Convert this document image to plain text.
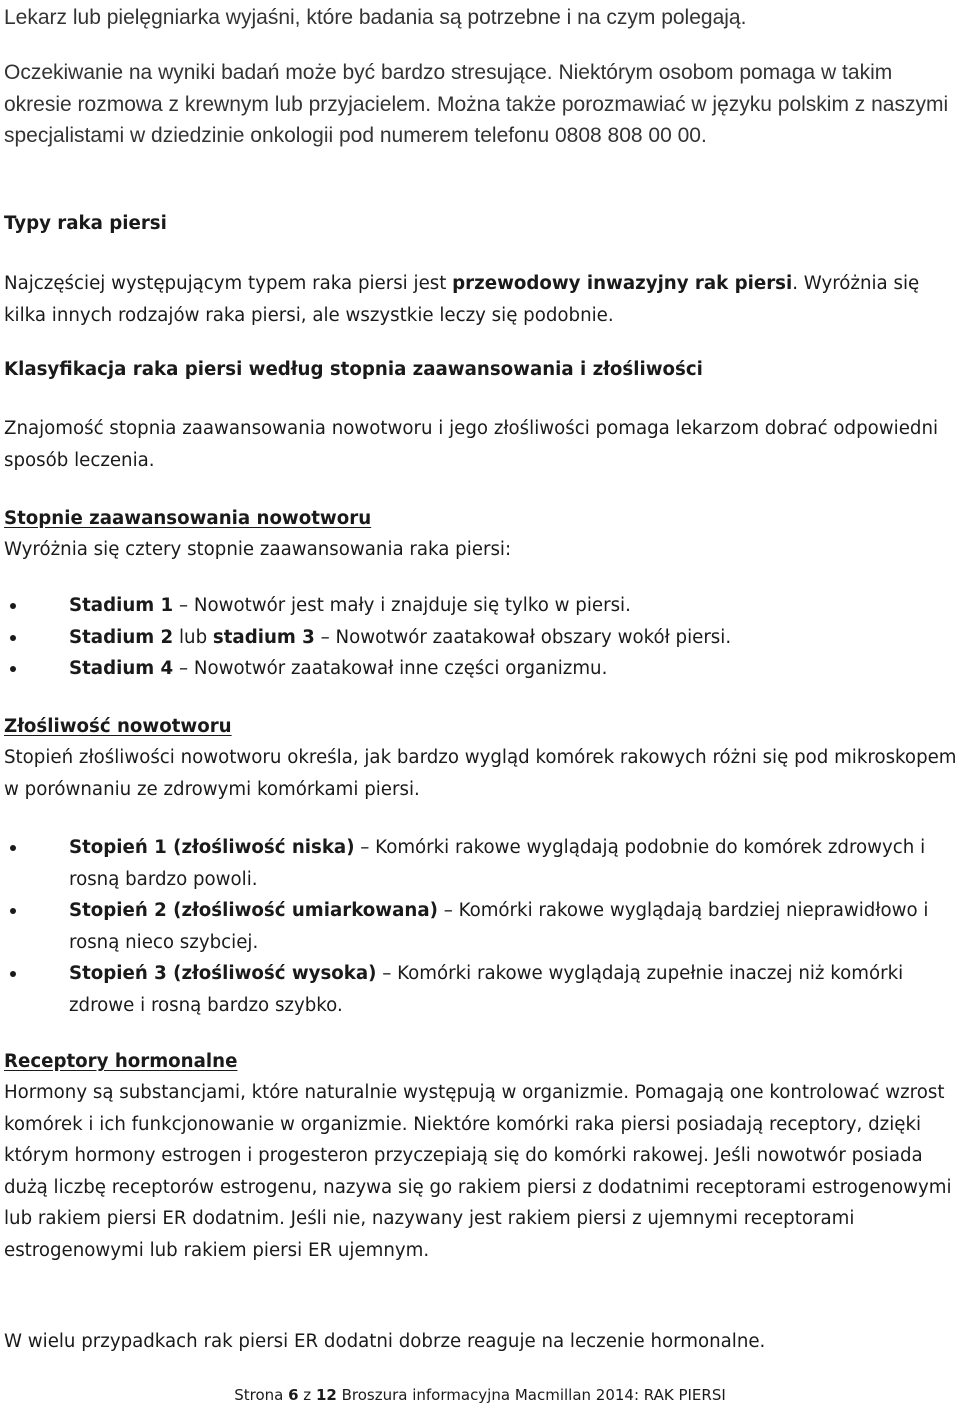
Lekarz lub pielęgniarka wyjaśni, które badania są potrzebne i na czym polegają.

Oczekiwanie na wyniki badań może być bardzo stresujące. Niektórym osobom pomaga w takim okresie rozmowa z krewnym lub przyjacielem. Można także porozmawiać w języku polskim z naszymi specjalistami w dziedzinie onkologii pod numerem telefonu 0808 808 00 00.

Typy raka piersi

Najczęściej występującym typem raka piersi jest przewodowy inwazyjny rak piersi. Wyróżnia się kilka innych rodzajów raka piersi, ale wszystkie leczy się podobnie.

Klasyfikacja raka piersi według stopnia zaawansowania i złośliwości

Znajomość stopnia zaawansowania nowotworu i jego złośliwości pomaga lekarzom dobrać odpowiedni sposób leczenia.

Stopnie zaawansowania nowotworu

Wyróżnia się cztery stopnie zaawansowania raka piersi:

Stadium 1 – Nowotwór jest mały i znajduje się tylko w piersi.
Stadium 2 lub stadium 3 – Nowotwór zaatakował obszary wokół piersi.
Stadium 4 – Nowotwór zaatakował inne części organizmu.

Złośliwość nowotworu

Stopień złośliwości nowotworu określa, jak bardzo wygląd komórek rakowych różni się pod mikroskopem w porównaniu ze zdrowymi komórkami piersi.

Stopień 1 (złośliwość niska) – Komórki rakowe wyglądają podobnie do komórek zdrowych i rosną bardzo powoli.
Stopień 2 (złośliwość umiarkowana) – Komórki rakowe wyglądają bardziej nieprawidłowo i rosną nieco szybciej.
Stopień 3 (złośliwość wysoka) – Komórki rakowe wyglądają zupełnie inaczej niż komórki zdrowe i rosną bardzo szybko.

Receptory hormonalne

Hormony są substancjami, które naturalnie występują w organizmie. Pomagają one kontrolować wzrost komórek i ich funkcjonowanie w organizmie. Niektóre komórki raka piersi posiadają receptory, dzięki którym hormony estrogen i progesteron przyczepiają się do komórki rakowej. Jeśli nowotwór posiada dużą liczbę receptorów estrogenu, nazywa się go rakiem piersi z dodatnimi receptorami estrogenowymi lub rakiem piersi ER dodatnim. Jeśli nie, nazywany jest rakiem piersi z ujemnymi receptorami estrogenowymi lub rakiem piersi ER ujemnym.

W wielu przypadkach rak piersi ER dodatni dobrze reaguje na leczenie hormonalne.

Strona 6 z 12 Broszura informacyjna Macmillan 2014: RAK PIERSI
